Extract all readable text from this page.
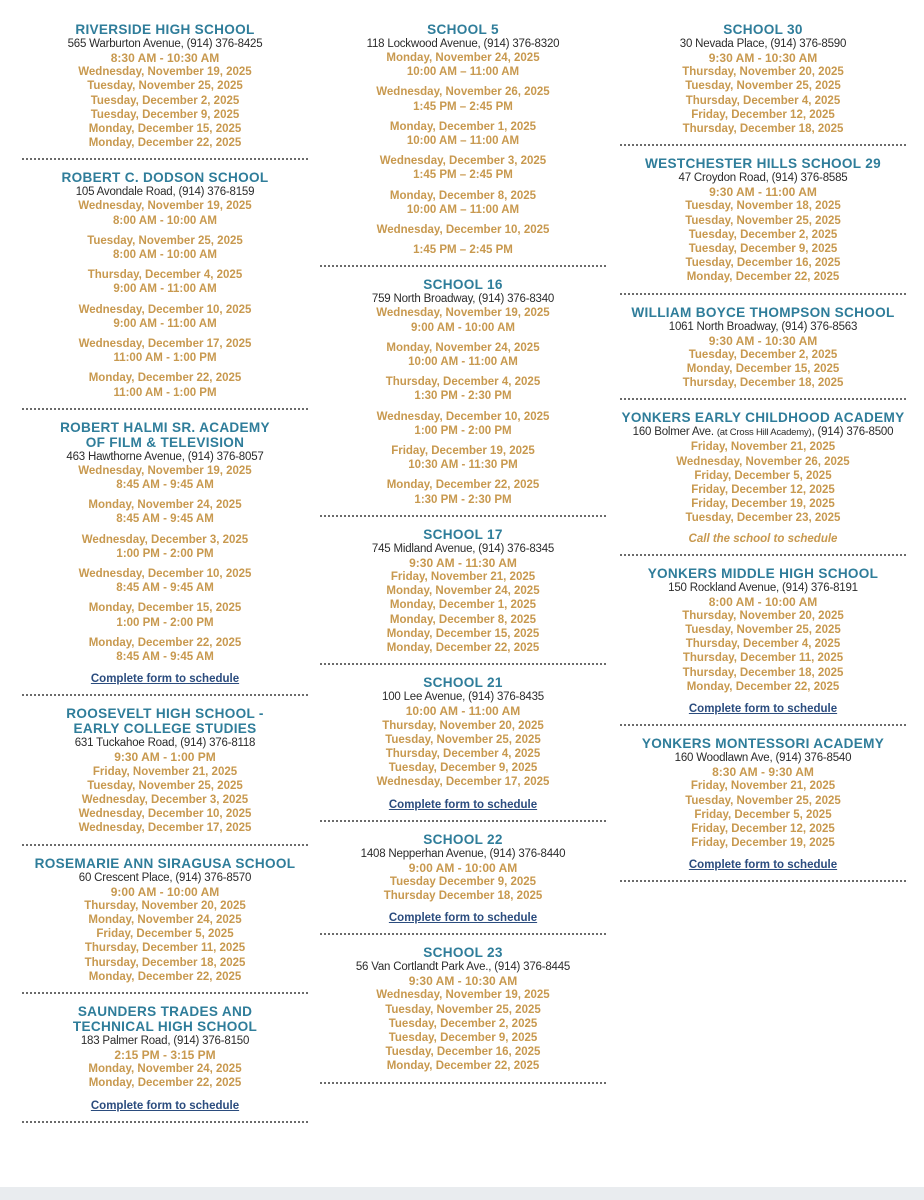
RIVERSIDE HIGH SCHOOL
565 Warburton Avenue, (914) 376-8425
8:30 AM - 10:30 AM
Wednesday, November 19, 2025
Tuesday, November 25, 2025
Tuesday, December 2, 2025
Tuesday, December 9, 2025
Monday, December 15, 2025
Monday, December 22, 2025
ROBERT C. DODSON SCHOOL
105 Avondale Road, (914) 376-8159
Wednesday, November 19, 2025
8:00 AM - 10:00 AM
Tuesday, November 25, 2025
8:00 AM - 10:00 AM
Thursday, December 4, 2025
9:00 AM - 11:00 AM
Wednesday, December 10, 2025
9:00 AM - 11:00 AM
Wednesday, December 17, 2025
11:00 AM - 1:00 PM
Monday, December 22, 2025
11:00 AM - 1:00 PM
ROBERT HALMI SR. ACADEMY
OF FILM & TELEVISION
463 Hawthorne Avenue, (914) 376-8057
Wednesday, November 19, 2025
8:45 AM - 9:45 AM
Monday, November 24, 2025
8:45 AM - 9:45 AM
Wednesday, December 3, 2025
1:00 PM - 2:00 PM
Wednesday, December 10, 2025
8:45 AM - 9:45 AM
Monday, December 15, 2025
1:00 PM - 2:00 PM
Monday, December 22, 2025
8:45 AM - 9:45 AM
Complete form to schedule
ROOSEVELT HIGH SCHOOL -
EARLY COLLEGE STUDIES
631 Tuckahoe Road, (914) 376-8118
9:30 AM - 1:00 PM
Friday, November 21, 2025
Tuesday, November 25, 2025
Wednesday, December 3, 2025
Wednesday, December 10, 2025
Wednesday, December 17, 2025
ROSEMARIE ANN SIRAGUSA SCHOOL
60 Crescent Place, (914) 376-8570
9:00 AM - 10:00 AM
Thursday, November 20, 2025
Monday, November 24, 2025
Friday, December 5, 2025
Thursday, December 11, 2025
Thursday, December 18, 2025
Monday, December 22, 2025
SAUNDERS TRADES AND
TECHNICAL HIGH SCHOOL
183 Palmer Road, (914) 376-8150
2:15 PM - 3:15 PM
Monday, November 24, 2025
Monday, December 22, 2025
Complete form to schedule
SCHOOL 5
118 Lockwood Avenue, (914) 376-8320
Monday, November 24, 2025
10:00 AM – 11:00 AM
Wednesday, November 26, 2025
1:45 PM – 2:45 PM
Monday, December 1, 2025
10:00 AM – 11:00 AM
Wednesday, December 3, 2025
1:45 PM – 2:45 PM
Monday, December 8, 2025
10:00 AM – 11:00 AM
Wednesday, December 10, 2025
1:45 PM – 2:45 PM
SCHOOL 16
759 North Broadway, (914) 376-8340
Wednesday, November 19, 2025
9:00 AM - 10:00 AM
Monday, November 24, 2025
10:00 AM - 11:00 AM
Thursday, December 4, 2025
1:30 PM - 2:30 PM
Wednesday, December 10, 2025
1:00 PM - 2:00 PM
Friday, December 19, 2025
10:30 AM - 11:30 PM
Monday, December 22, 2025
1:30 PM - 2:30 PM
SCHOOL 17
745 Midland Avenue, (914) 376-8345
9:30 AM - 11:30 AM
Friday, November 21, 2025
Monday, November 24, 2025
Monday, December 1, 2025
Monday, December 8, 2025
Monday, December 15, 2025
Monday, December 22, 2025
SCHOOL 21
100 Lee Avenue, (914) 376-8435
10:00 AM - 11:00 AM
Thursday, November 20, 2025
Tuesday, November 25, 2025
Thursday, December 4, 2025
Tuesday, December 9, 2025
Wednesday, December 17, 2025
Complete form to schedule
SCHOOL 22
1408 Nepperhan Avenue, (914) 376-8440
9:00 AM - 10:00 AM
Tuesday December 9, 2025
Thursday December 18, 2025
Complete form to schedule
SCHOOL 23
56 Van Cortlandt Park Ave., (914) 376-8445
9:30 AM - 10:30 AM
Wednesday, November 19, 2025
Tuesday, November 25, 2025
Tuesday, December 2, 2025
Tuesday, December 9, 2025
Tuesday, December 16, 2025
Monday, December 22, 2025
SCHOOL 30
30 Nevada Place, (914) 376-8590
9:30 AM - 10:30 AM
Thursday, November 20, 2025
Tuesday, November 25, 2025
Thursday, December 4, 2025
Friday, December 12, 2025
Thursday, December 18, 2025
WESTCHESTER HILLS SCHOOL 29
47 Croydon Road, (914) 376-8585
9:30 AM - 11:00 AM
Tuesday, November 18, 2025
Tuesday, November 25, 2025
Tuesday, December 2, 2025
Tuesday, December 9, 2025
Tuesday, December 16, 2025
Monday, December 22, 2025
WILLIAM BOYCE THOMPSON SCHOOL
1061 North Broadway, (914) 376-8563
9:30 AM - 10:30 AM
Tuesday, December 2, 2025
Monday, December 15, 2025
Thursday, December 18, 2025
YONKERS EARLY CHILDHOOD ACADEMY
160 Bolmer Ave. (at Cross Hill Academy), (914) 376-8500
Friday, November 21, 2025
Wednesday, November 26, 2025
Friday, December 5, 2025
Friday, December 12, 2025
Friday, December 19, 2025
Tuesday, December 23, 2025
Call the school to schedule
YONKERS MIDDLE HIGH SCHOOL
150 Rockland Avenue, (914) 376-8191
8:00 AM - 10:00 AM
Thursday, November 20, 2025
Tuesday, November 25, 2025
Thursday, December 4, 2025
Thursday, December 11, 2025
Thursday, December 18, 2025
Monday, December 22, 2025
Complete form to schedule
YONKERS MONTESSORI ACADEMY
160 Woodlawn Ave, (914) 376-8540
8:30 AM - 9:30 AM
Friday, November 21, 2025
Tuesday, November 25, 2025
Friday, December 5, 2025
Friday, December 12, 2025
Friday, December 19, 2025
Complete form to schedule
